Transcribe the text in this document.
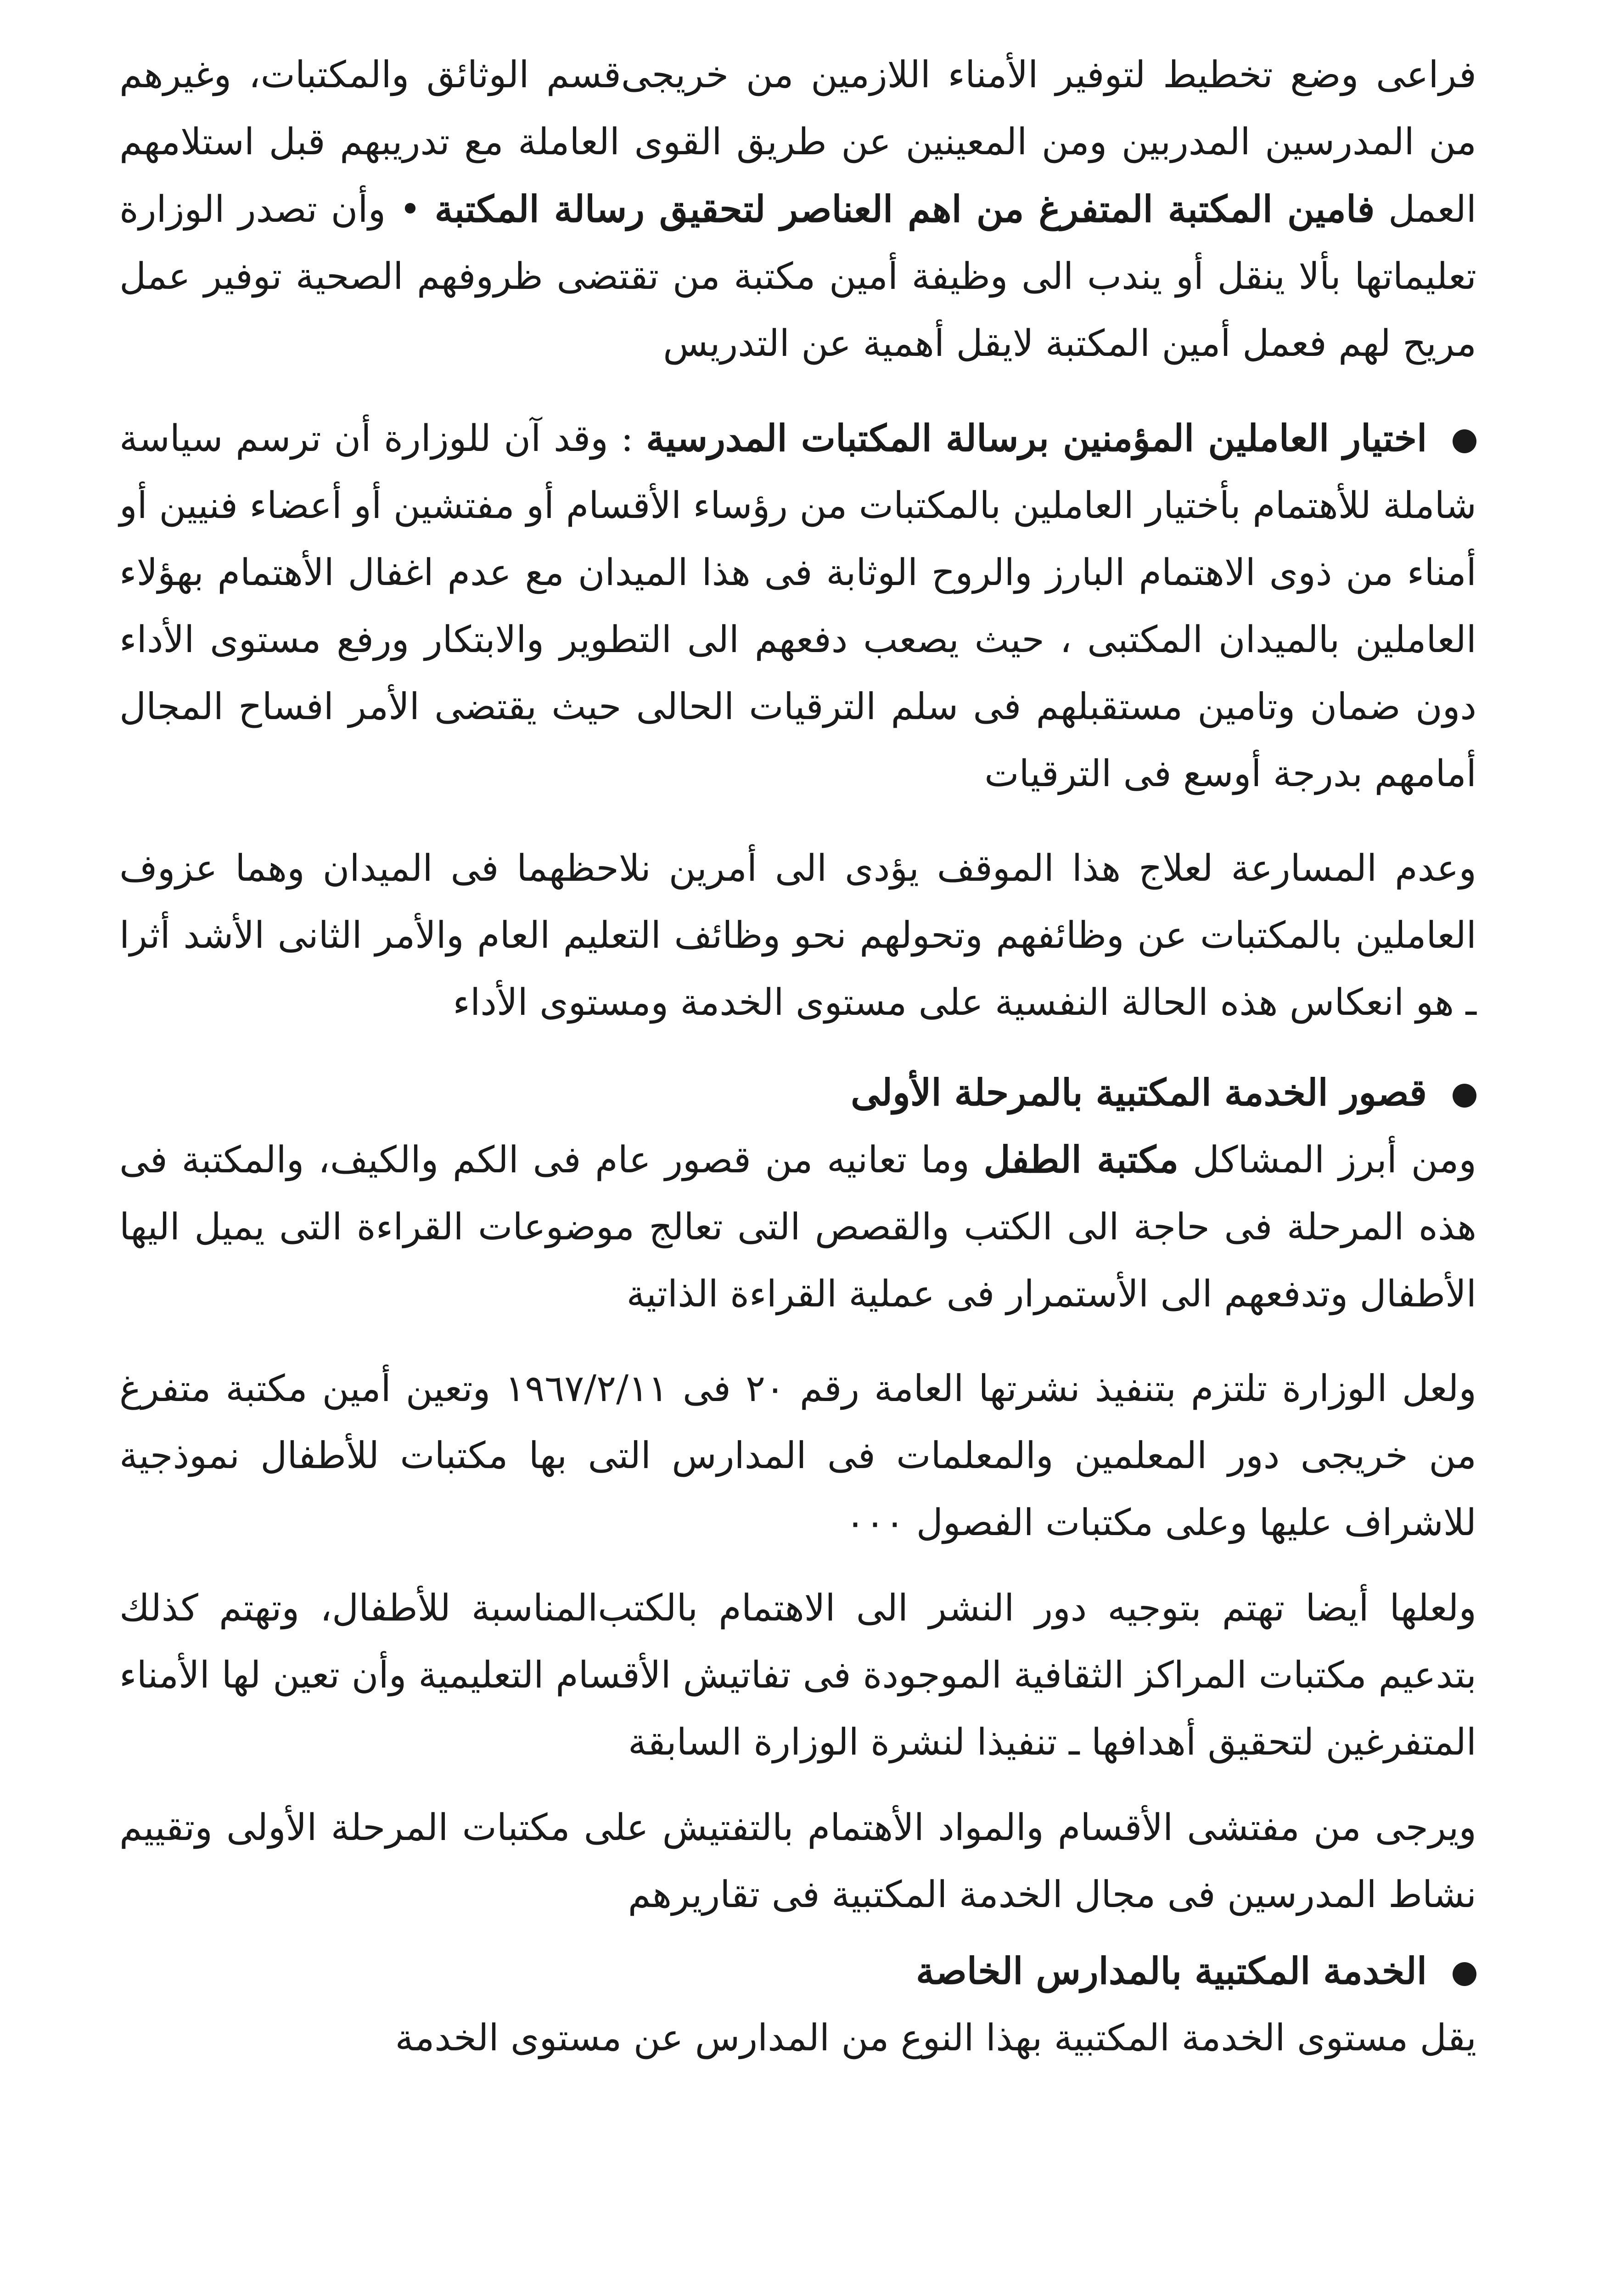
فراعى وضع تخطيط لتوفير الأمناء اللازمين من خريجى‌قسم الوثائق والمكتبات، وغيرهم من المدرسين المدربين ومن المعينين عن طريق القوى العاملة مع تدريبهم قبل استلامهم العمل فامين المكتبة المتفرغ من اهم العناصر لتحقيق رسالة المكتبة • وأن تصدر الوزارة تعليماتها بألا ينقل أو يندب الى وظيفة أمين مكتبة من تقتضى ظروفهم الصحية توفير عمل مريح لهم فعمل أمين المكتبة لايقل أهمية عن التدريس

اختيار العاملين المؤمنين برسالة المكتبات المدرسية : وقد آن للوزارة أن ترسم سياسة شاملة للأهتمام بأختيار العاملين بالمكتبات من رؤساء الأقسام أو مفتشين أو أعضاء فنيين أو أمناء من ذوى الاهتمام البارز والروح الوثابة فى هذا الميدان مع عدم اغفال الأهتمام بهؤلاء العاملين بالميدان المكتبى ، حيث يصعب دفعهم الى التطوير والابتكار ورفع مستوى الأداء دون ضمان وتامين مستقبلهم فى سلم الترقيات الحالى حيث يقتضى الأمر افساح المجال أمامهم بدرجة أوسع فى الترقيات

وعدم المسارعة لعلاج هذا الموقف يؤدى الى أمرين نلاحظهما فى الميدان وهما عزوف العاملين بالمكتبات عن وظائفهم وتحولهم نحو وظائف التعليم العام والأمر الثانى الأشد أثرا ـ هو انعكاس هذه الحالة النفسية على مستوى الخدمة ومستوى الأداء

قصور الخدمة المكتبية بالمرحلة الأولى

ومن أبرز المشاكل مكتبة الطفل وما تعانيه من قصور عام فى الكم والكيف، والمكتبة فى هذه المرحلة فى حاجة الى الكتب والقصص التى تعالج موضوعات القراءة التى يميل اليها الأطفال وتدفعهم الى الأستمرار فى عملية القراءة الذاتية

ولعل الوزارة تلتزم بتنفيذ نشرتها العامة رقم ٢٠ فى ١٩٦٧/٢/١١ وتعين أمين مكتبة متفرغ من خريجى دور المعلمين والمعلمات فى المدارس التى بها مكتبات للأطفال نموذجية للاشراف عليها وعلى مكتبات الفصول ٠٠٠

ولعلها أيضا تهتم بتوجيه دور النشر الى الاهتمام بالكتب‌المناسبة للأطفال، وتهتم كذلك بتدعيم مكتبات المراكز الثقافية الموجودة فى تفاتيش الأقسام التعليمية وأن تعين لها الأمناء المتفرغين لتحقيق أهدافها ـ تنفيذا لنشرة الوزارة السابقة

ويرجى من مفتشى الأقسام والمواد الأهتمام بالتفتيش على مكتبات المرحلة الأولى وتقييم نشاط المدرسين فى مجال الخدمة المكتبية فى تقاريرهم

الخدمة المكتبية بالمدارس الخاصة

يقل مستوى الخدمة المكتبية بهذا النوع من المدارس عن مستوى الخدمة
